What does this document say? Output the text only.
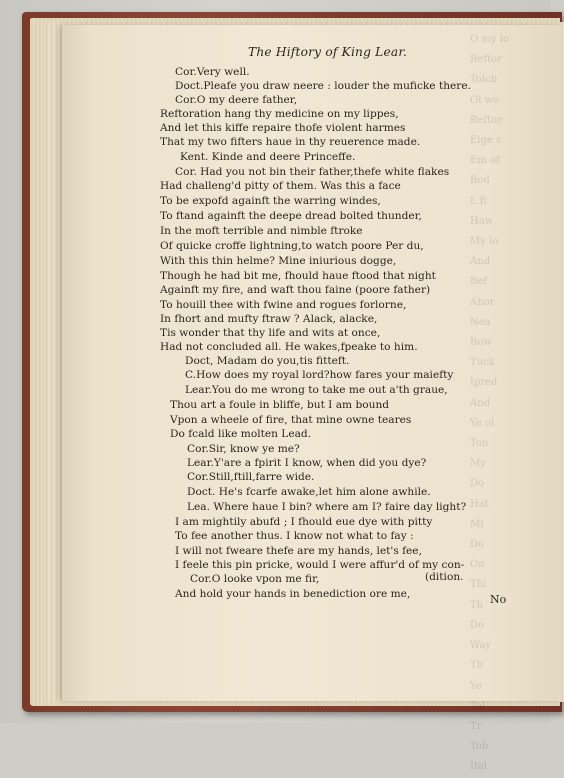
O my lo
Reftor
Tolcb
Ol wo
Reftor
Eige s
Em of
Bod
L.fi
Haw
My lo
And
Bef
Ahor
Nea
Bow
Tuck
Ipred
And
Ye ol
Ton
My
Do
Hat
Ml
Do
On
Thi
Th
Do
Way
Th
Ye
Tol
Tr
Tob
Ital
The Hiftory of King Lear.
Cor.Very well.
Doct.Pleafe you draw neere : louder the muficke there.
Cor.O my deere father,
Reftoration hang thy medicine on my lippes,
And let this kiffe repaire thofe violent harmes
That my two fifters haue in thy reuerence made.
Kent. Kinde and deere Princeffe.
Cor. Had you not bin their father,thefe white flakes
Had challeng'd pitty of them. Was this a face
To be expofd againft the warring windes,
To ftand againft the deepe dread bolted thunder,
In the moft terrible and nimble ftroke
Of quicke croffe lightning,to watch poore Per du,
With this thin helme? Mine iniurious dogge,
Though he had bit me, fhould haue ftood that night
Againft my fire, and waft thou faine (poore father)
To houill thee with fwine and rogues forlorne,
In fhort and mufty ftraw ? Alack, alacke,
Tis wonder that thy life and wits at once,
Had not concluded all. He wakes,fpeake to him.
Doct, Madam do you,tis fitteft.
C.How does my royal lord?how fares your maiefty
Lear.You do me wrong to take me out a'th graue,
Thou art a foule in bliffe, but I am bound
Vpon a wheele of fire, that mine owne teares
Do fcald like molten Lead.
Cor.Sir, know ye me?
Lear.Y'are a fpirit I know, when did you dye?
Cor.Still,ftill,farre wide.
Doct. He's fcarfe awake,let him alone awhile.
Lea. Where haue I bin? where am I? faire day light?
I am mightily abufd ; I fhould eue dye with pitty
To fee another thus. I know not what to fay :
I will not fweare thefe are my hands, let's fee,
I feele this pin pricke, would I were affur'd of my con-
Cor.O looke vpon me fir,	(dition.
And hold your hands in benediction ore me,	No
